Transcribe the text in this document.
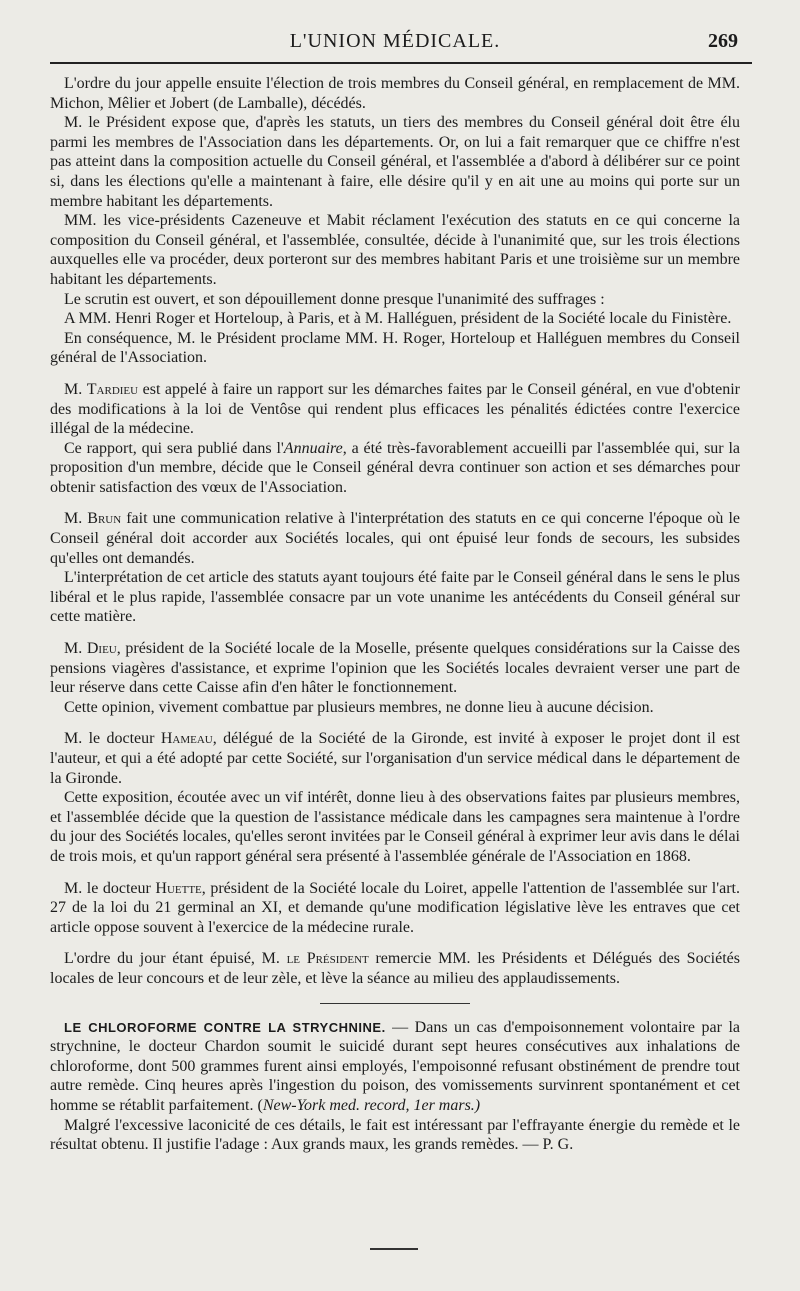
L'UNION MÉDICALE.	269

L'ordre du jour appelle ensuite l'élection de trois membres du Conseil général, en remplacement de MM. Michon, Mêlier et Jobert (de Lamballe), décédés.

M. le Président expose que, d'après les statuts, un tiers des membres du Conseil général doit être élu parmi les membres de l'Association dans les départements. Or, on lui a fait remarquer que ce chiffre n'est pas atteint dans la composition actuelle du Conseil général, et l'assemblée a d'abord à délibérer sur ce point si, dans les élections qu'elle a maintenant à faire, elle désire qu'il y en ait une au moins qui porte sur un membre habitant les départements.

MM. les vice-présidents Cazeneuve et Mabit réclament l'exécution des statuts en ce qui concerne la composition du Conseil général, et l'assemblée, consultée, décide à l'unanimité que, sur les trois élections auxquelles elle va procéder, deux porteront sur des membres habitant Paris et une troisième sur un membre habitant les départements.

Le scrutin est ouvert, et son dépouillement donne presque l'unanimité des suffrages :

A MM. Henri Roger et Horteloup, à Paris, et à M. Halléguen, président de la Société locale du Finistère.

En conséquence, M. le Président proclame MM. H. Roger, Horteloup et Halléguen membres du Conseil général de l'Association.

M. Tardieu est appelé à faire un rapport sur les démarches faites par le Conseil général, en vue d'obtenir des modifications à la loi de Ventôse qui rendent plus efficaces les pénalités édictées contre l'exercice illégal de la médecine.

Ce rapport, qui sera publié dans l'Annuaire, a été très-favorablement accueilli par l'assemblée qui, sur la proposition d'un membre, décide que le Conseil général devra continuer son action et ses démarches pour obtenir satisfaction des vœux de l'Association.

M. Brun fait une communication relative à l'interprétation des statuts en ce qui concerne l'époque où le Conseil général doit accorder aux Sociétés locales, qui ont épuisé leur fonds de secours, les subsides qu'elles ont demandés.

L'interprétation de cet article des statuts ayant toujours été faite par le Conseil général dans le sens le plus libéral et le plus rapide, l'assemblée consacre par un vote unanime les antécédents du Conseil général sur cette matière.

M. Dieu, président de la Société locale de la Moselle, présente quelques considérations sur la Caisse des pensions viagères d'assistance, et exprime l'opinion que les Sociétés locales devraient verser une part de leur réserve dans cette Caisse afin d'en hâter le fonctionnement.

Cette opinion, vivement combattue par plusieurs membres, ne donne lieu à aucune décision.

M. le docteur Hameau, délégué de la Société de la Gironde, est invité à exposer le projet dont il est l'auteur, et qui a été adopté par cette Société, sur l'organisation d'un service médical dans le département de la Gironde.

Cette exposition, écoutée avec un vif intérêt, donne lieu à des observations faites par plusieurs membres, et l'assemblée décide que la question de l'assistance médicale dans les campagnes sera maintenue à l'ordre du jour des Sociétés locales, qu'elles seront invitées par le Conseil général à exprimer leur avis dans le délai de trois mois, et qu'un rapport général sera présenté à l'assemblée générale de l'Association en 1868.

M. le docteur Huette, président de la Société locale du Loiret, appelle l'attention de l'assemblée sur l'art. 27 de la loi du 21 germinal an XI, et demande qu'une modification législative lève les entraves que cet article oppose souvent à l'exercice de la médecine rurale.

L'ordre du jour étant épuisé, M. le Président remercie MM. les Présidents et Délégués des Sociétés locales de leur concours et de leur zèle, et lève la séance au milieu des applaudissements.

LE CHLOROFORME CONTRE LA STRYCHNINE. — Dans un cas d'empoisonnement volontaire par la strychnine, le docteur Chardon soumit le suicidé durant sept heures consécutives aux inhalations de chloroforme, dont 500 grammes furent ainsi employés, l'empoisonné refusant obstinément de prendre tout autre remède. Cinq heures après l'ingestion du poison, des vomissements survinrent spontanément et cet homme se rétablit parfaitement. (New-York med. record, 1er mars.)

Malgré l'excessive laconicité de ces détails, le fait est intéressant par l'effrayante énergie du remède et le résultat obtenu. Il justifie l'adage : Aux grands maux, les grands remèdes. — P. G.
